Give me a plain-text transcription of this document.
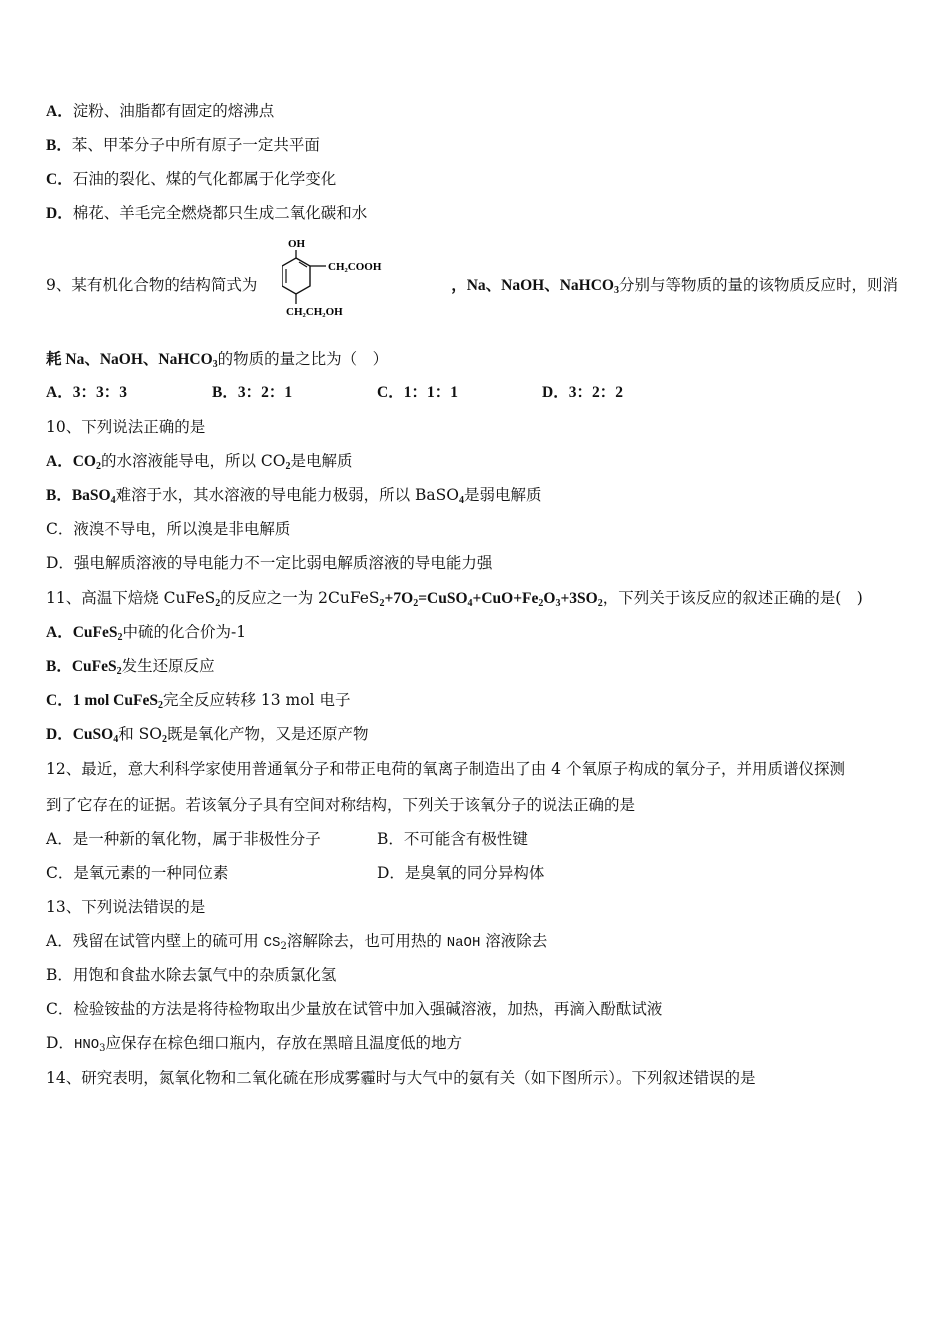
A．淀粉、油脂都有固定的熔沸点
B．苯、甲苯分子中所有原子一定共平面
C．石油的裂化、煤的气化都属于化学变化
D．棉花、羊毛完全燃烧都只生成二氧化碳和水
9、某有机化合物的结构简式为
OH
CH₂COOH
CH₂CH₂OH
，Na、NaOH、NaHCO$_3$分别与等物质的量的该物质反应时，则消
耗 Na、NaOH、NaHCO$_3$的物质的量之比为（　）
A．3：3：3	B．3：2：1	C．1：1：1	D．3：2：2
10、下列说法正确的是
A．$CO_2$的水溶液能导电，所以 $CO_2$是电解质
B．BaSO$_4$难溶于水，其水溶液的导电能力极弱，所以 BaSO$_4$是弱电解质
C．液溴不导电，所以溴是非电解质
D．强电解质溶液的导电能力不一定比弱电解质溶液的导电能力强
11、高温下焙烧 CuFeS$_2$的反应之一为 $2CuFeS_2+7O_2=CuSO_4+CuO+Fe_2O_3+3SO_2$，下列关于该反应的叙述正确的是(　)
A．CuFeS$_2$中硫的化合价为-1
B．CuFeS$_2$发生还原反应
C．1 mol CuFeS$_2$完全反应转移 13 mol 电子
D．CuSO$_4$和 $SO_2$既是氧化产物，又是还原产物
12、最近，意大利科学家使用普通氧分子和带正电荷的氧离子制造出了由 4 个氧原子构成的氧分子，并用质谱仪探测
到了它存在的证据。若该氧分子具有空间对称结构，下列关于该氧分子的说法正确的是
A．是一种新的氧化物，属于非极性分子	B．不可能含有极性键
C．是氧元素的一种同位素	D．是臭氧的同分异构体
13、下列说法错误的是
A．残留在试管内壁上的硫可用 $CS_2$溶解除去，也可用热的 NaOH 溶液除去
B．用饱和食盐水除去氯气中的杂质氯化氢
C．检验铵盐的方法是将待检物取出少量放在试管中加入强碱溶液，加热，再滴入酚酞试液
D．$HNO_3$应保存在棕色细口瓶内，存放在黑暗且温度低的地方
14、研究表明，氮氧化物和二氧化硫在形成雾霾时与大气中的氨有关（如下图所示）。下列叙述错误的是
